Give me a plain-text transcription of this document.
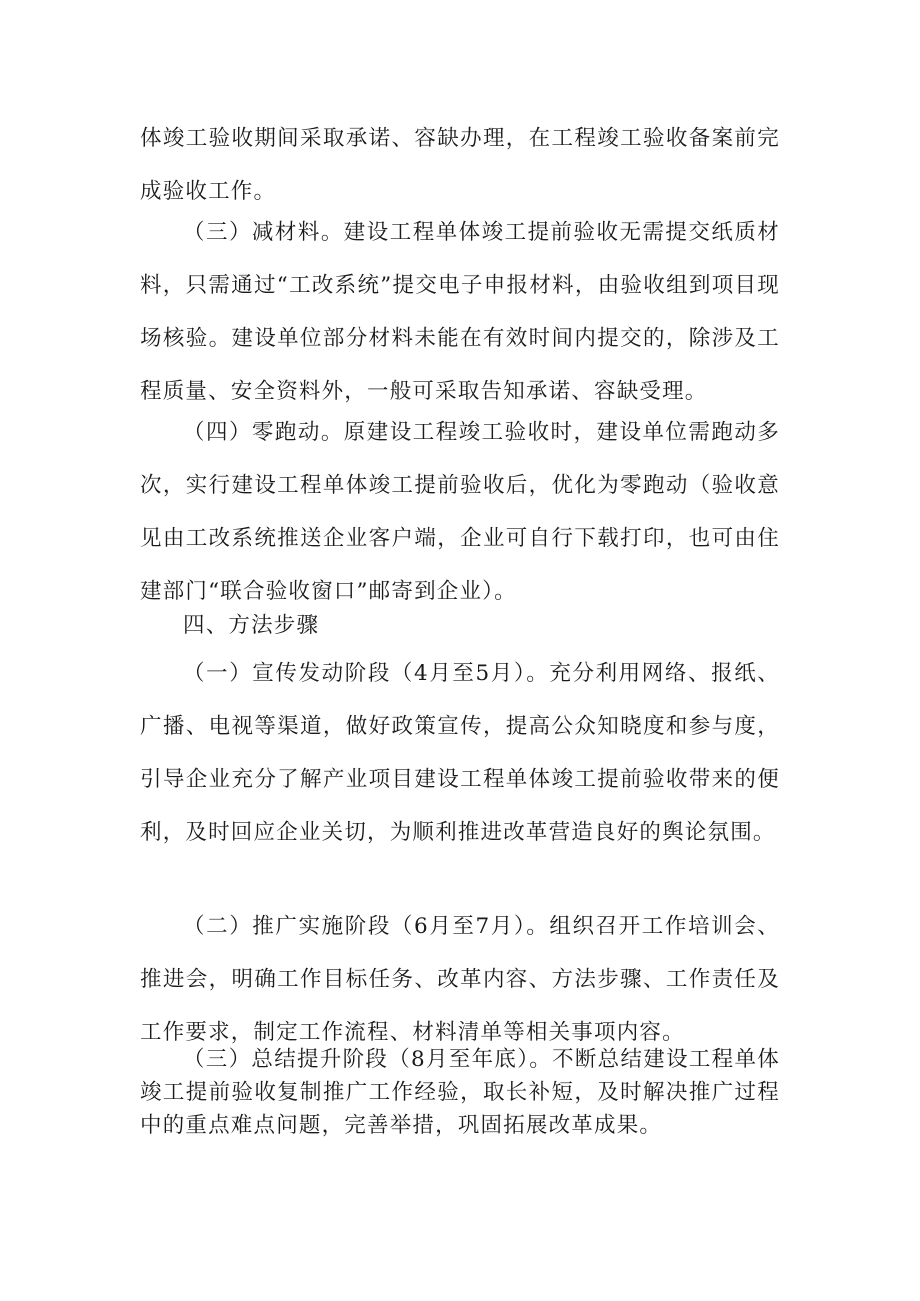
体竣工验收期间采取承诺、容缺办理，在工程竣工验收备案前完成验收工作。

（三）减材料。建设工程单体竣工提前验收无需提交纸质材料，只需通过“工改系统”提交电子申报材料，由验收组到项目现场核验。建设单位部分材料未能在有效时间内提交的，除涉及工程质量、安全资料外，一般可采取告知承诺、容缺受理。

（四）零跑动。原建设工程竣工验收时，建设单位需跑动多次，实行建设工程单体竣工提前验收后，优化为零跑动（验收意见由工改系统推送企业客户端，企业可自行下载打印，也可由住建部门“联合验收窗口”邮寄到企业）。

四、方法步骤

（一）宣传发动阶段（4月至5月）。充分利用网络、报纸、广播、电视等渠道，做好政策宣传，提高公众知晓度和参与度，引导企业充分了解产业项目建设工程单体竣工提前验收带来的便利，及时回应企业关切，为顺利推进改革营造良好的舆论氛围。

（二）推广实施阶段（6月至7月）。组织召开工作培训会、推进会，明确工作目标任务、改革内容、方法步骤、工作责任及工作要求，制定工作流程、材料清单等相关事项内容。

（三）总结提升阶段（8月至年底）。不断总结建设工程单体竣工提前验收复制推广工作经验，取长补短，及时解决推广过程中的重点难点问题，完善举措，巩固拓展改革成果。
